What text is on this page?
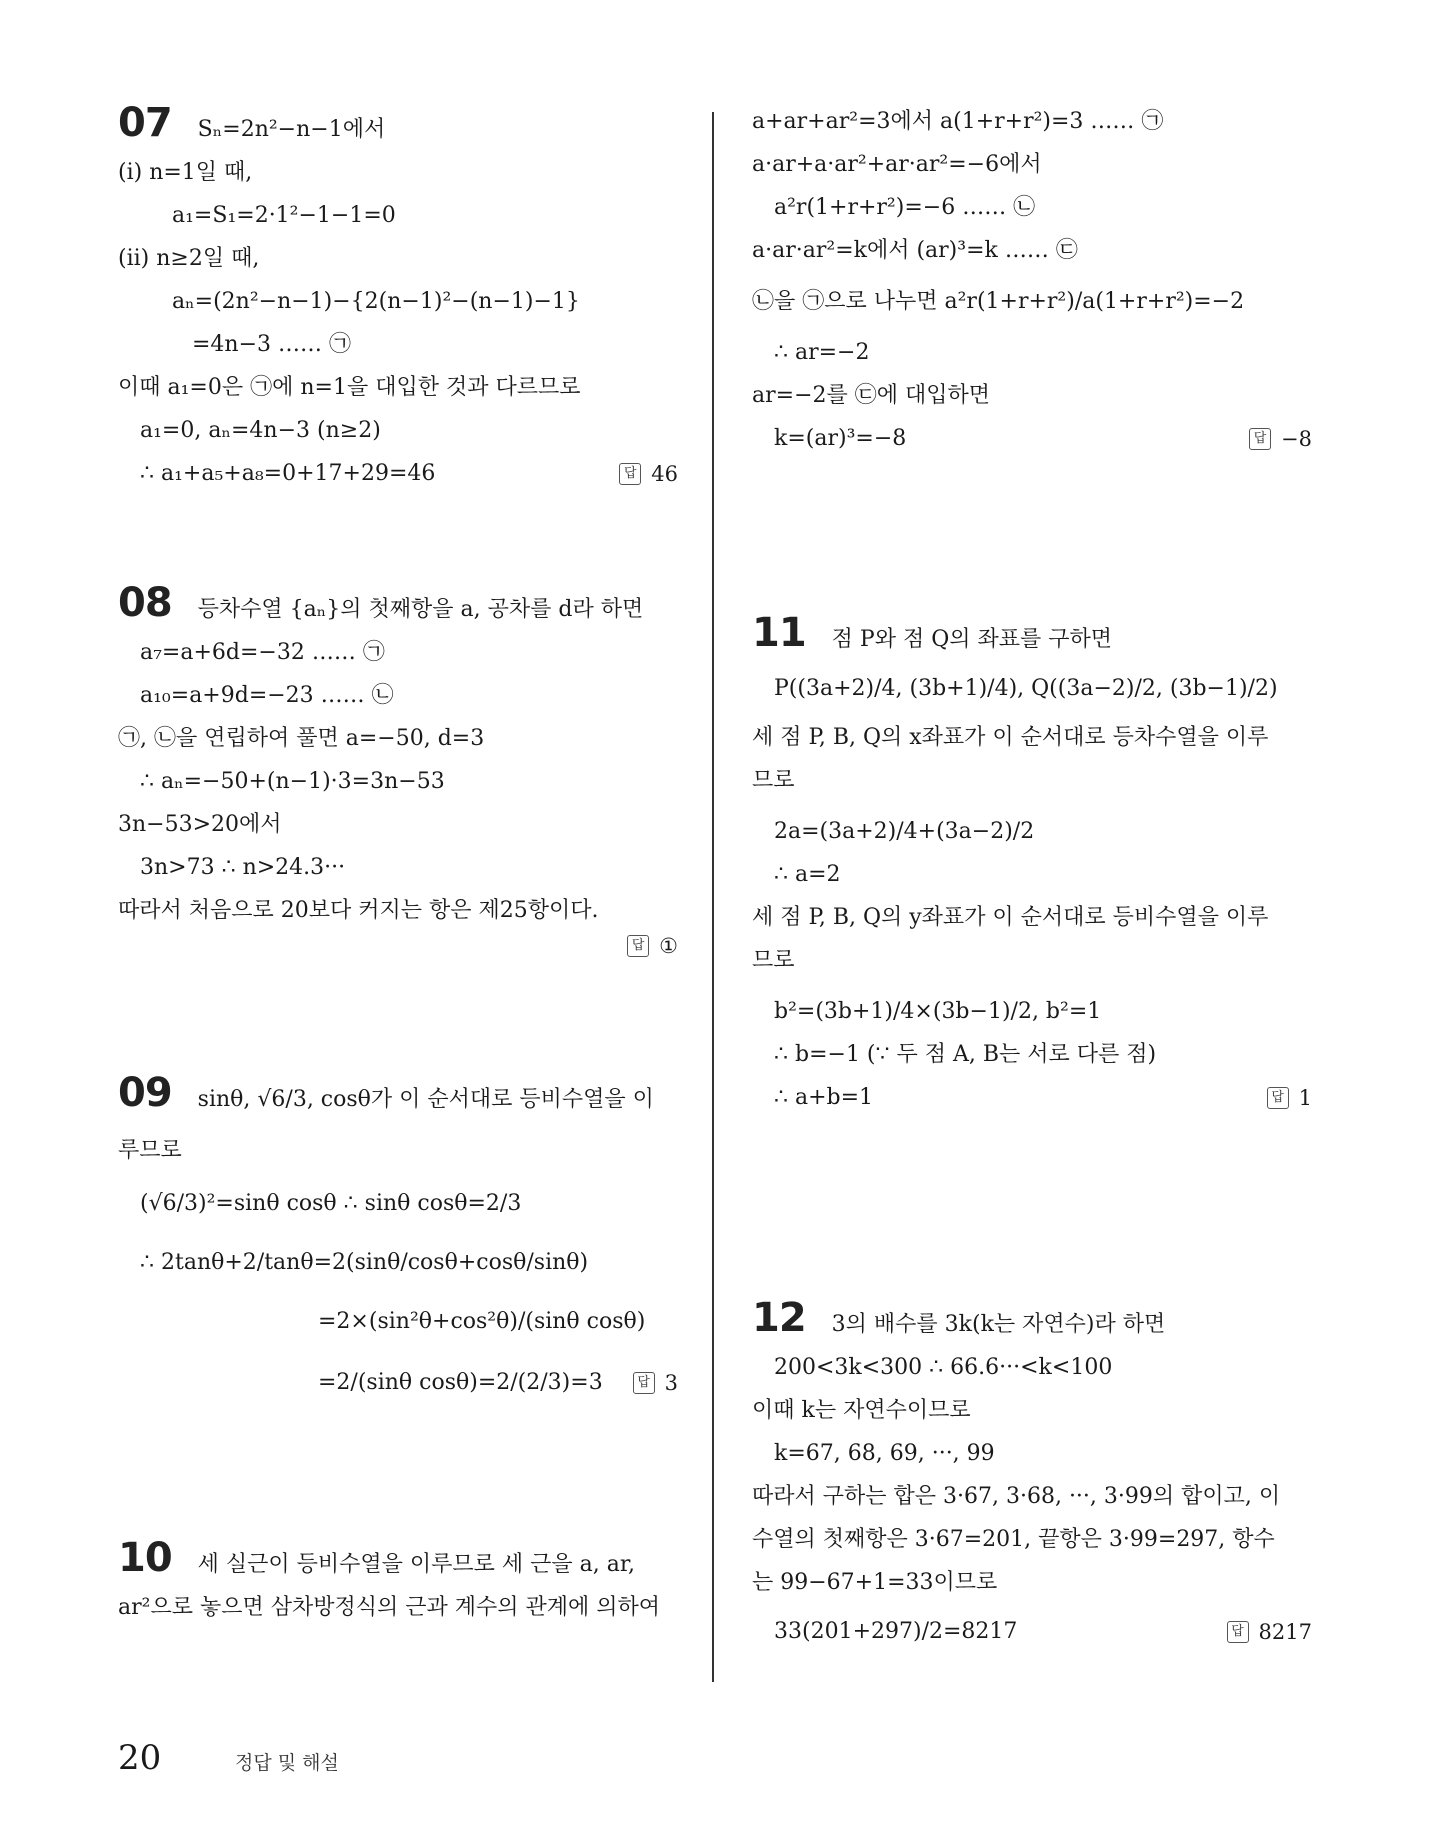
07 Sₙ=2n²−n−1에서
(ⅰ) n=1일 때,
a₁=S₁=2·1²−1−1=0
(ⅱ) n≥2일 때,
aₙ=(2n²−n−1)−{2(n−1)²−(n−1)−1}
=4n−3 …… ㉠
이때 a₁=0은 ㉠에 n=1을 대입한 것과 다르므로
a₁=0, aₙ=4n−3 (n≥2)
∴ a₁+a₅+a₈=0+17+29=46	답 46
08 등차수열 {aₙ}의 첫째항을 a, 공차를 d라 하면
a₇=a+6d=−32 …… ㉠
a₁₀=a+9d=−23 …… ㉡
㉠, ㉡을 연립하여 풀면 a=−50, d=3
∴ aₙ=−50+(n−1)·3=3n−53
3n−53>20에서
3n>73 ∴ n>24.3···
따라서 처음으로 20보다 커지는 항은 제25항이다.
답 ①
09 sinθ, √6/3, cosθ가 이 순서대로 등비수열을 이
루므로
(√6/3)²=sinθ cosθ ∴ sinθ cosθ=2/3
∴ 2tanθ+2/tanθ=2(sinθ/cosθ+cosθ/sinθ)
=2×(sin²θ+cos²θ)/(sinθ cosθ)
=2/(sinθ cosθ)=2/(2/3)=3	답 3
10 세 실근이 등비수열을 이루므로 세 근을 a, ar,
ar²으로 놓으면 삼차방정식의 근과 계수의 관계에 의하여
a+ar+ar²=3에서 a(1+r+r²)=3 …… ㉠
a·ar+a·ar²+ar·ar²=−6에서
a²r(1+r+r²)=−6 …… ㉡
a·ar·ar²=k에서 (ar)³=k …… ㉢
㉡을 ㉠으로 나누면 a²r(1+r+r²)/a(1+r+r²)=−2
∴ ar=−2
ar=−2를 ㉢에 대입하면
k=(ar)³=−8	답 −8
11 점 P와 점 Q의 좌표를 구하면
P((3a+2)/4, (3b+1)/4), Q((3a−2)/2, (3b−1)/2)
세 점 P, B, Q의 x좌표가 이 순서대로 등차수열을 이루
므로
2a=(3a+2)/4+(3a−2)/2
∴ a=2
세 점 P, B, Q의 y좌표가 이 순서대로 등비수열을 이루
므로
b²=(3b+1)/4×(3b−1)/2, b²=1
∴ b=−1 (∵ 두 점 A, B는 서로 다른 점)
∴ a+b=1	답 1
12 3의 배수를 3k(k는 자연수)라 하면
200<3k<300 ∴ 66.6···<k<100
이때 k는 자연수이므로
k=67, 68, 69, ···, 99
따라서 구하는 합은 3·67, 3·68, ···, 3·99의 합이고, 이
수열의 첫째항은 3·67=201, 끝항은 3·99=297, 항수
는 99−67+1=33이므로
33(201+297)/2=8217	답 8217
20	정답 및 해설
